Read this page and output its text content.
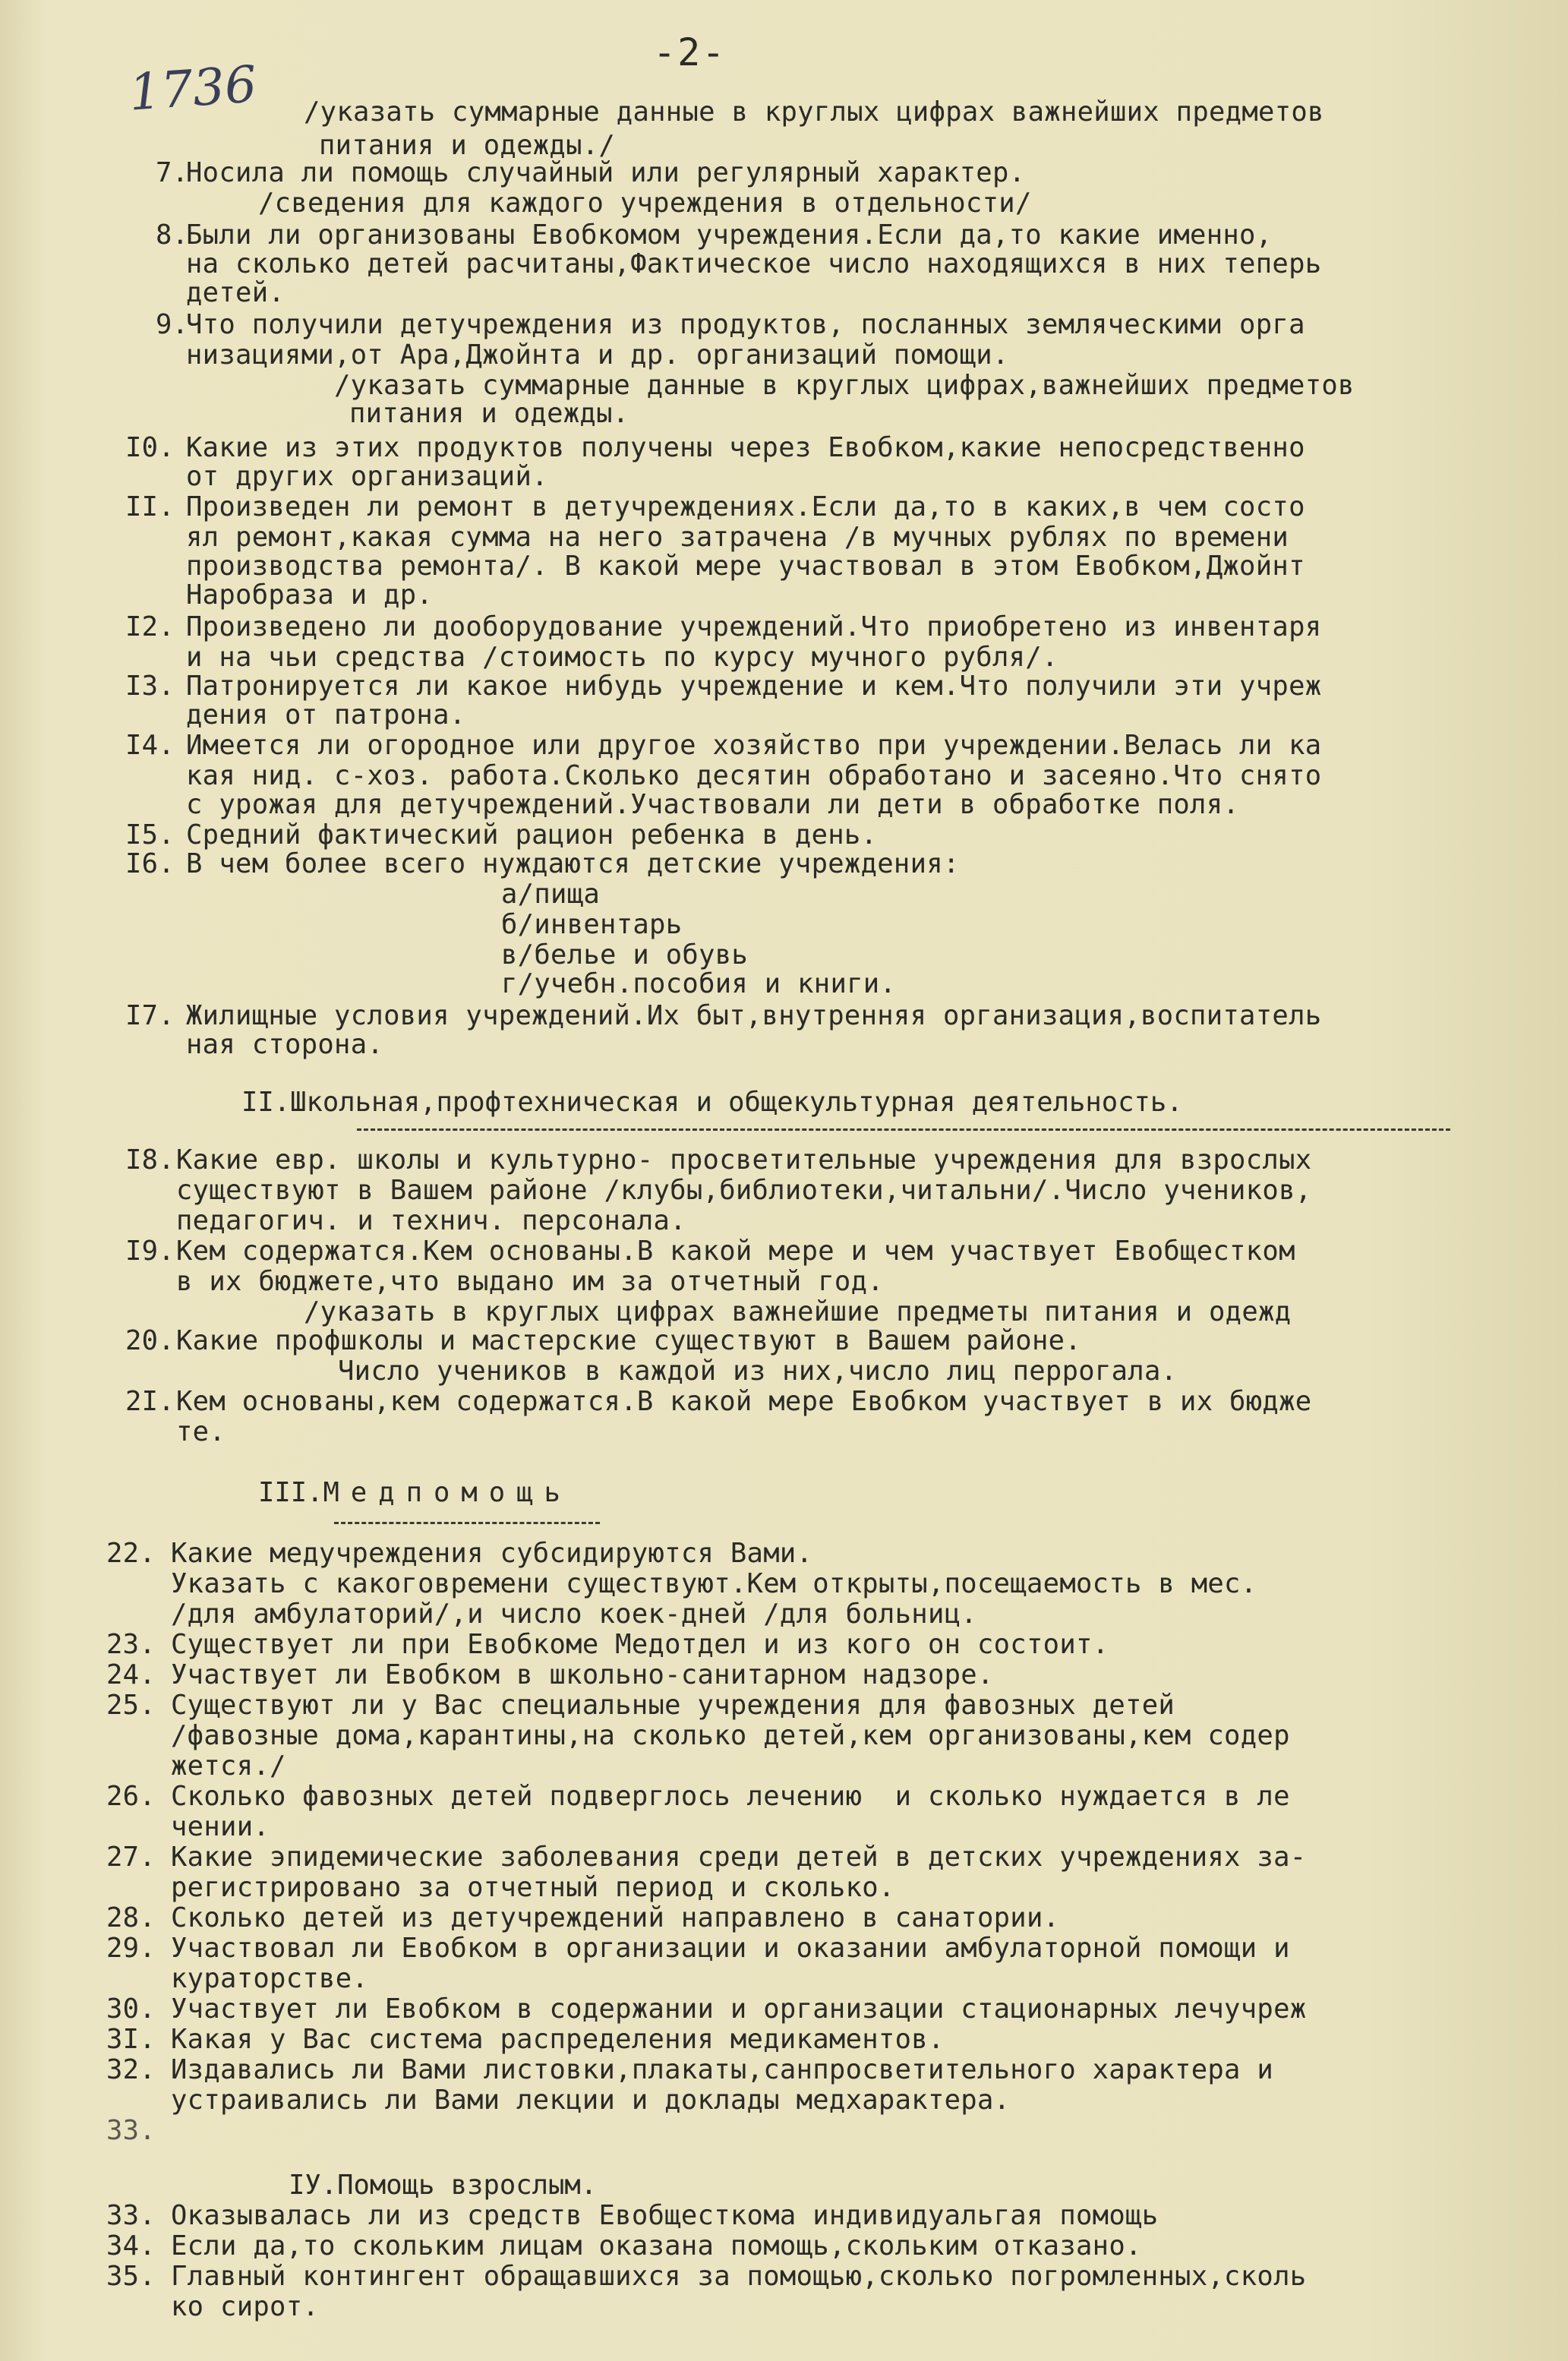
-2-
1736 /указать суммарные данные в круглых цифрах важнейших предметов
питания и одежды./
7.
Носила ли помощь случайный или регулярный характер.
/сведения для каждого учреждения в отдельности/
8.
Были ли организованы Евобкомом учреждения.Если да,то какие именно,
на сколько детей расчитаны,Фактическое число находящихся в них теперь
детей.
9.
Что получили детучреждения из продуктов, посланных земляческими орга
низациями,от Ара,Джойнта и др. организаций помощи.
/указать суммарные данные в круглых цифрах,важнейших предметов
питания и одежды.
I0. Какие из этих продуктов получены через Евобком,какие непосредственно
от других организаций.
II. Произведен ли ремонт в детучреждениях.Если да,то в каких,в чем состо
ял ремонт,какая сумма на него затрачена /в мучных рублях по времени
производства ремонта/. В какой мере участвовал в этом Евобком,Джойнт
Наробраза и др.
I2. Произведено ли дооборудование учреждений.Что приобретено из инвентаря
и на чьи средства /стоимость по курсу мучного рубля/.
I3. Патронируется ли какое нибудь учреждение и кем.Что получили эти учреж
дения от патрона.
I4. Имеется ли огородное или другое хозяйство при учреждении.Велась ли ка
кая нид. с-хоз. работа.Сколько десятин обработано и засеяно.Что снято
с урожая для детучреждений.Участвовали ли дети в обработке поля.
I5. Средний фактический рацион ребенка в день.
I6. В чем более всего нуждаются детские учреждения:
а/пища
б/инвентарь
в/белье и обувь
г/учебн.пособия и книги.
I7. Жилищные условия учреждений.Их быт,внутренняя организация,воспитатель
ная сторона.
II.Школьная,профтехническая и общекультурная деятельность.
I8. Какие евр. школы и культурно- просветительные учреждения для взрослых
существуют в Вашем районе /клубы,библиотеки,читальни/.Число учеников,
педагогич. и технич. персонала.
I9. Кем содержатся.Кем основаны.В какой мере и чем участвует Евобщестком
в их бюджете,что выдано им за отчетный год.
/указать в круглых цифрах важнейшие предметы питания и одежд
20. Какие профшколы и мастерские существуют в Вашем районе.
Число учеников в каждой из них,число лиц перрогала.
2I. Кем основаны,кем содержатся.В какой мере Евобком участвует в их бюдже
те.
III.Медпомощь
22. Какие медучреждения субсидируются Вами.
Указать с какоговремени существуют.Кем открыты,посещаемость в мес.
/для амбулаторий/,и число коек-дней /для больниц.
23. Существует ли при Евобкоме Медотдел и из кого он состоит.
24. Участвует ли Евобком в школьно-санитарном надзоре.
25. Существуют ли у Вас специальные учреждения для фавозных детей
/фавозные дома,карантины,на сколько детей,кем организованы,кем содер
жется./
26. Сколько фавозных детей подверглось лечению  и сколько нуждается в ле
чении.
27. Какие эпидемические заболевания среди детей в детских учреждениях за-
регистрировано за отчетный период и сколько.
28. Сколько детей из детучреждений направлено в санатории.
29. Участвовал ли Евобком в организации и оказании амбулаторной помощи и
кураторстве.
30. Участвует ли Евобком в содержании и организации стационарных лечучреж
3I. Какая у Вас система распределения медикаментов.
32. Издавались ли Вами листовки,плакаты,санпросветительного характера и
устраивались ли Вами лекции и доклады медхарактера.
33.
IУ.Помощь взрослым.
33. Оказывалась ли из средств Евобщесткома индивидуальгая помощь
34. Если да,то скольким лицам оказана помощь,скольким отказано.
35. Главный контингент обращавшихся за помощью,сколько погромленных,сколь
ко сирот.
